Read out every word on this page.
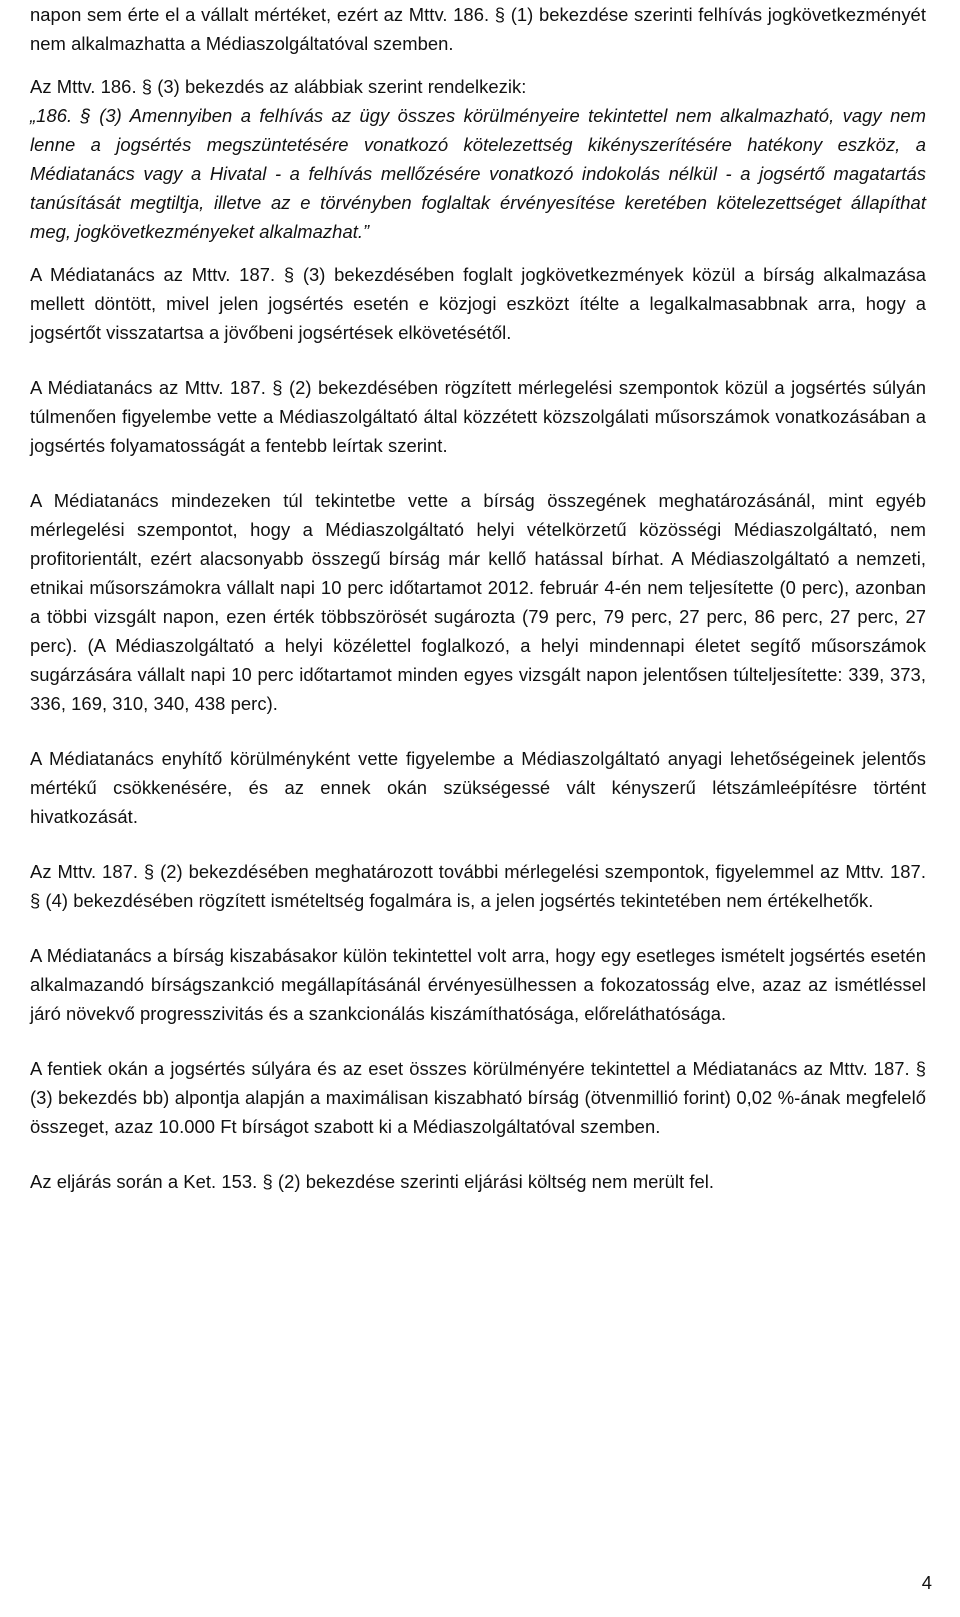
napon sem érte el a vállalt mértéket, ezért az Mttv. 186. § (1) bekezdése szerinti felhívás jogkövetkezményét nem alkalmazhatta a Médiaszolgáltatóval szemben.

Az Mttv. 186. § (3) bekezdés az alábbiak szerint rendelkezik:

„186. § (3) Amennyiben a felhívás az ügy összes körülményeire tekintettel nem alkalmazható, vagy nem lenne a jogsértés megszüntetésére vonatkozó kötelezettség kikényszerítésére hatékony eszköz, a Médiatanács vagy a Hivatal - a felhívás mellőzésére vonatkozó indokolás nélkül - a jogsértő magatartás tanúsítását megtiltja, illetve az e törvényben foglaltak érvényesítése keretében kötelezettséget állapíthat meg, jogkövetkezményeket alkalmazhat.”

A Médiatanács az Mttv. 187. § (3) bekezdésében foglalt jogkövetkezmények közül a bírság alkalmazása mellett döntött, mivel jelen jogsértés esetén e közjogi eszközt ítélte a legalkalmasabbnak arra, hogy a jogsértőt visszatartsa a jövőbeni jogsértések elkövetésétől.

A Médiatanács az Mttv. 187. § (2) bekezdésében rögzített mérlegelési szempontok közül a jogsértés súlyán túlmenően figyelembe vette a Médiaszolgáltató által közzétett közszolgálati műsorszámok vonatkozásában a jogsértés folyamatosságát a fentebb leírtak szerint.

A Médiatanács mindezeken túl tekintetbe vette a bírság összegének meghatározásánál, mint egyéb mérlegelési szempontot, hogy a Médiaszolgáltató helyi vételkörzetű közösségi Médiaszolgáltató, nem profitorientált, ezért alacsonyabb összegű bírság már kellő hatással bírhat. A Médiaszolgáltató a nemzeti, etnikai műsorszámokra vállalt napi 10 perc időtartamot 2012. február 4-én nem teljesítette (0 perc), azonban a többi vizsgált napon, ezen érték többszörösét sugározta (79 perc, 79 perc, 27 perc, 86 perc, 27 perc, 27 perc). (A Médiaszolgáltató a helyi közélettel foglalkozó, a helyi mindennapi életet segítő műsorszámok sugárzására vállalt napi 10 perc időtartamot minden egyes vizsgált napon jelentősen túlteljesítette: 339, 373, 336, 169, 310, 340, 438 perc).

A Médiatanács enyhítő körülményként vette figyelembe a Médiaszolgáltató anyagi lehetőségeinek jelentős mértékű csökkenésére, és az ennek okán szükségessé vált kényszerű létszámleépítésre történt hivatkozását.

Az Mttv. 187. § (2) bekezdésében meghatározott további mérlegelési szempontok, figyelemmel az Mttv. 187. § (4) bekezdésében rögzített ismételtség fogalmára is, a jelen jogsértés tekintetében nem értékelhetők.

A Médiatanács a bírság kiszabásakor külön tekintettel volt arra, hogy egy esetleges ismételt jogsértés esetén alkalmazandó bírságszankció megállapításánál érvényesülhessen a fokozatosság elve, azaz az ismétléssel járó növekvő progresszivitás és a szankcionálás kiszámíthatósága, előreláthatósága.

A fentiek okán a jogsértés súlyára és az eset összes körülményére tekintettel a Médiatanács az Mttv. 187. § (3) bekezdés bb) alpontja alapján a maximálisan kiszabható bírság (ötvenmillió forint) 0,02 %-ának megfelelő összeget, azaz 10.000 Ft bírságot szabott ki a Médiaszolgáltatóval szemben.

Az eljárás során a Ket. 153. § (2) bekezdése szerinti eljárási költség nem merült fel.

4
